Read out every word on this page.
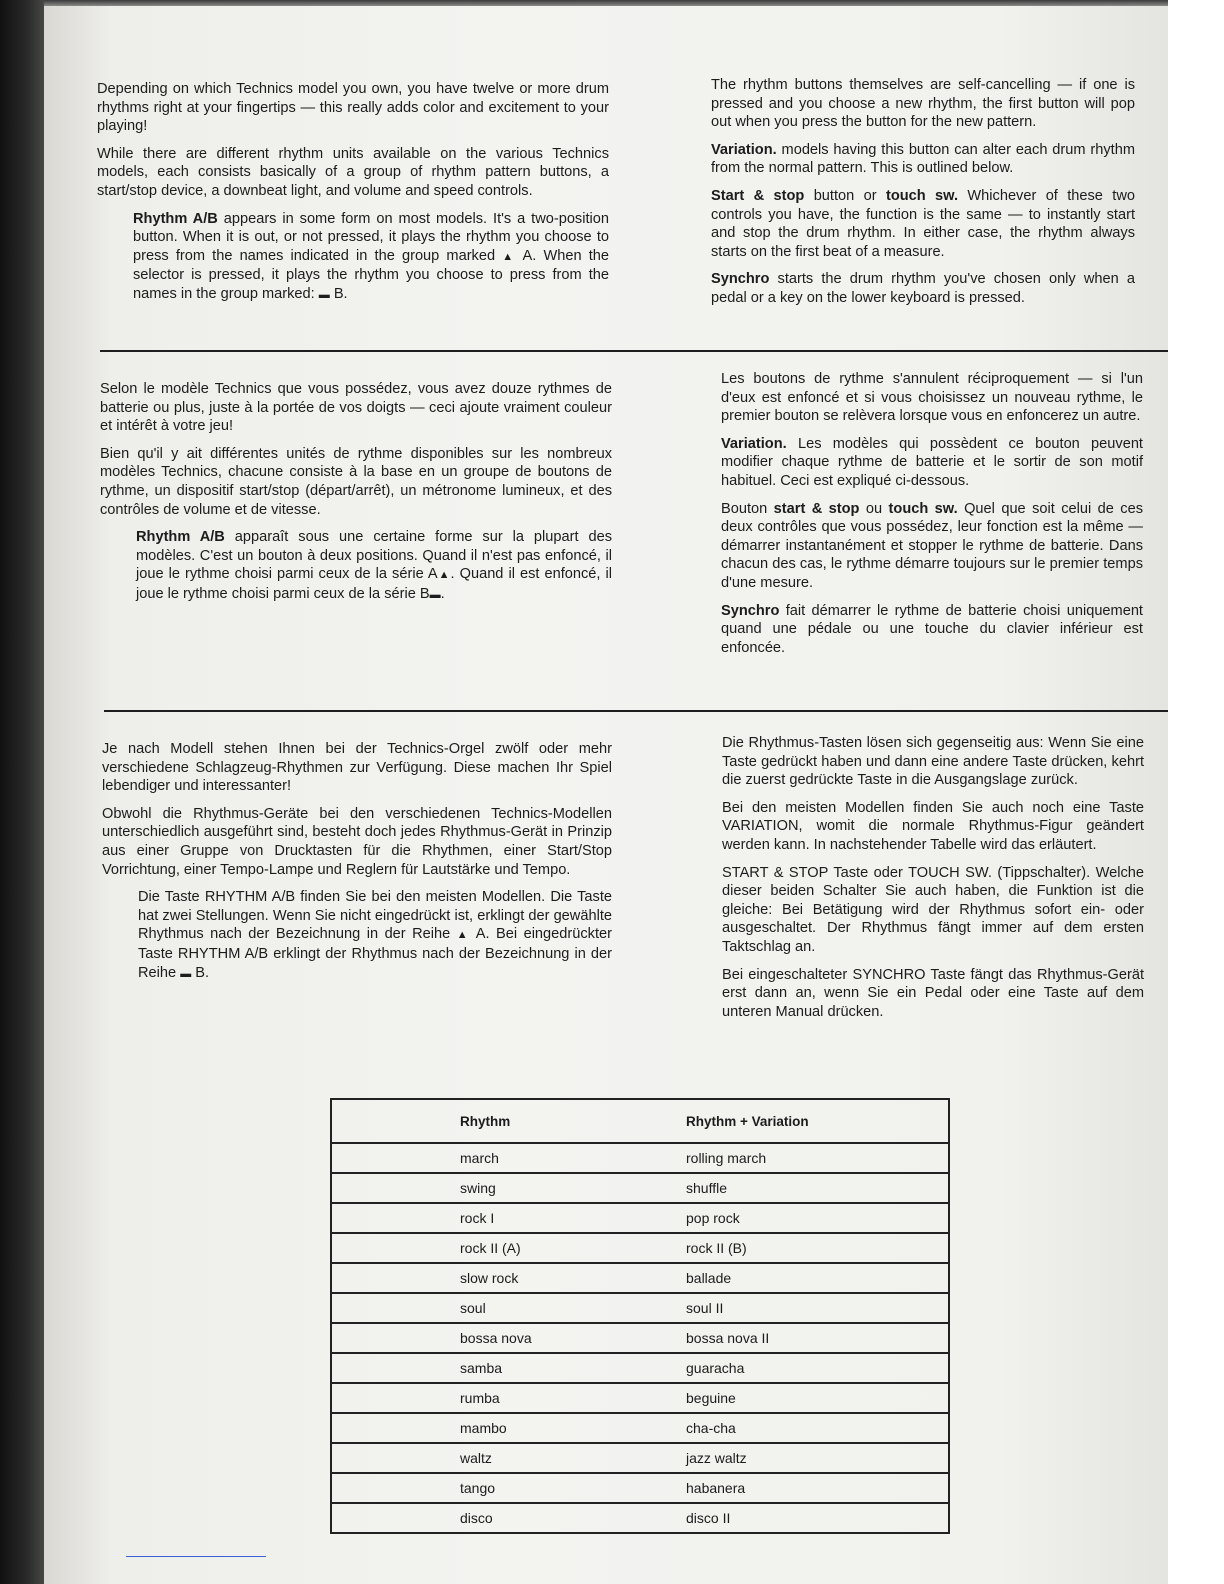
Depending on which Technics model you own, you have twelve or more drum rhythms right at your fingertips — this really adds color and excitement to your playing!

While there are different rhythm units available on the various Technics models, each consists basically of a group of rhythm pattern buttons, a start/stop device, a downbeat light, and volume and speed controls.

Rhythm A/B appears in some form on most models. It's a two-position button. When it is out, or not pressed, it plays the rhythm you choose to press from the names indicated in the group marked ▲ A. When the selector is pressed, it plays the rhythm you choose to press from the names in the group marked: ▬ B.

The rhythm buttons themselves are self-cancelling — if one is pressed and you choose a new rhythm, the first button will pop out when you press the button for the new pattern.

Variation. models having this button can alter each drum rhythm from the normal pattern. This is outlined below.

Start & stop button or touch sw. Whichever of these two controls you have, the function is the same — to instantly start and stop the drum rhythm. In either case, the rhythm always starts on the first beat of a measure.

Synchro starts the drum rhythm you've chosen only when a pedal or a key on the lower keyboard is pressed.

Selon le modèle Technics que vous possédez, vous avez douze rythmes de batterie ou plus, juste à la portée de vos doigts — ceci ajoute vraiment couleur et intérêt à votre jeu!

Bien qu'il y ait différentes unités de rythme disponibles sur les nombreux modèles Technics, chacune consiste à la base en un groupe de boutons de rythme, un dispositif start/stop (départ/arrêt), un métronome lumineux, et des contrôles de volume et de vitesse.

Rhythm A/B apparaît sous une certaine forme sur la plupart des modèles. C'est un bouton à deux positions. Quand il n'est pas enfoncé, il joue le rythme choisi parmi ceux de la série A▲. Quand il est enfoncé, il joue le rythme choisi parmi ceux de la série B▬.

Les boutons de rythme s'annulent réciproquement — si l'un d'eux est enfoncé et si vous choisissez un nouveau rythme, le premier bouton se relèvera lorsque vous en enfoncerez un autre.

Variation. Les modèles qui possèdent ce bouton peuvent modifier chaque rythme de batterie et le sortir de son motif habituel. Ceci est expliqué ci-dessous.

Bouton start & stop ou touch sw. Quel que soit celui de ces deux contrôles que vous possédez, leur fonction est la même — démarrer instantanément et stopper le rythme de batterie. Dans chacun des cas, le rythme démarre toujours sur le premier temps d'une mesure.

Synchro fait démarrer le rythme de batterie choisi uniquement quand une pédale ou une touche du clavier inférieur est enfoncée.

Je nach Modell stehen Ihnen bei der Technics-Orgel zwölf oder mehr verschiedene Schlagzeug-Rhythmen zur Verfügung. Diese machen Ihr Spiel lebendiger und interessanter!

Obwohl die Rhythmus-Geräte bei den verschiedenen Technics-Modellen unterschiedlich ausgeführt sind, besteht doch jedes Rhythmus-Gerät in Prinzip aus einer Gruppe von Drucktasten für die Rhythmen, einer Start/Stop Vorrichtung, einer Tempo-Lampe und Reglern für Lautstärke und Tempo.

Die Taste RHYTHM A/B finden Sie bei den meisten Modellen. Die Taste hat zwei Stellungen. Wenn Sie nicht eingedrückt ist, erklingt der gewählte Rhythmus nach der Bezeichnung in der Reihe ▲ A. Bei eingedrückter Taste RHYTHM A/B erklingt der Rhythmus nach der Bezeichnung in der Reihe ▬ B.

Die Rhythmus-Tasten lösen sich gegenseitig aus: Wenn Sie eine Taste gedrückt haben und dann eine andere Taste drücken, kehrt die zuerst gedrückte Taste in die Ausgangslage zurück.

Bei den meisten Modellen finden Sie auch noch eine Taste VARIATION, womit die normale Rhythmus-Figur geändert werden kann. In nachstehender Tabelle wird das erläutert.

START & STOP Taste oder TOUCH SW. (Tippschalter). Welche dieser beiden Schalter Sie auch haben, die Funktion ist die gleiche: Bei Betätigung wird der Rhythmus sofort ein- oder ausgeschaltet. Der Rhythmus fängt immer auf dem ersten Taktschlag an.

Bei eingeschalteter SYNCHRO Taste fängt das Rhythmus-Gerät erst dann an, wenn Sie ein Pedal oder eine Taste auf dem unteren Manual drücken.

Rhythm	Rhythm + Variation
march	rolling march
swing	shuffle
rock I	pop rock
rock II (A)	rock II (B)
slow rock	ballade
soul	soul II
bossa nova	bossa nova II
samba	guaracha
rumba	beguine
mambo	cha-cha
waltz	jazz waltz
tango	habanera
disco	disco II
